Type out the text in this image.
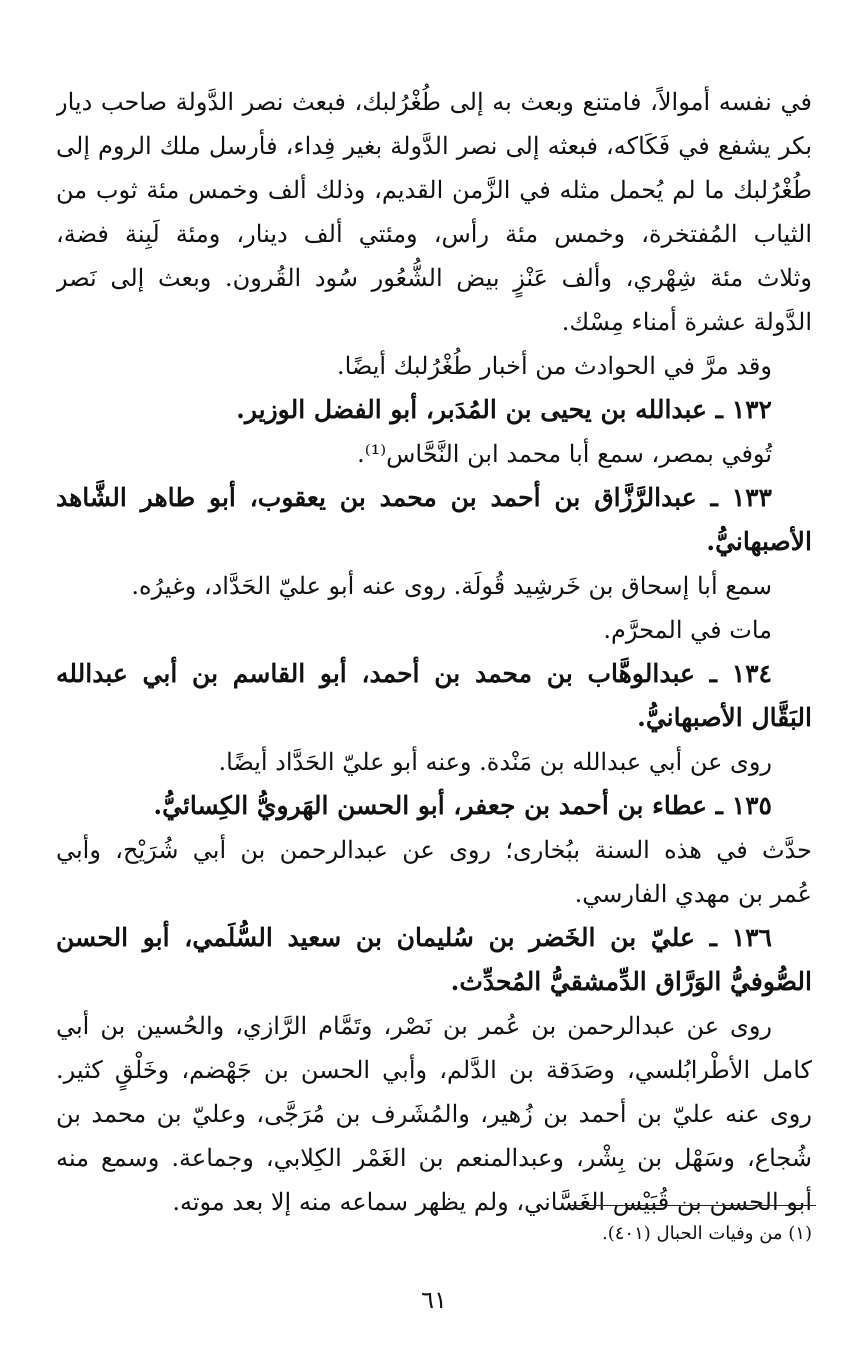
في نفسه أموالاً، فامتنع وبعث به إلى طُغْرُلبك، فبعث نصر الدَّولة صاحب ديار
بكر يشفع في فَكَاكه، فبعثه إلى نصر الدَّولة بغير فِداء، فأرسل ملك الروم إلى
طُغْرُلبك ما لم يُحمل مثله في الزَّمن القديم، وذلك ألف وخمس مئة ثوب من
الثياب المُفتخرة، وخمس مئة رأس، ومئتي ألف دينار، ومئة لَبِنة فضة،
وثلاث مئة شِهْري، وألف عَنْزٍ بيض الشُّعُور سُود القُرون. وبعث إلى نَصر
الدَّولة عشرة أمناء مِسْك.
وقد مرَّ في الحوادث من أخبار طُغْرُلبك أيضًا.
١٣٢ ـ عبدالله بن يحيى بن المُدَبر، أبو الفضل الوزير.
تُوفي بمصر، سمع أبا محمد ابن النَّحَّاس⁽¹⁾.
١٣٣ ـ عبدالرَّزَّاق بن أحمد بن محمد بن يعقوب، أبو طاهر الشَّاهد
الأصبهانيُّ.
سمع أبا إسحاق بن خَرشِيد قُولَة. روى عنه أبو عليّ الحَدَّاد، وغيرُه.
مات في المحرَّم.
١٣٤ ـ عبدالوهَّاب بن محمد بن أحمد، أبو القاسم بن أبي عبدالله
البَقَّال الأصبهانيُّ.
روى عن أبي عبدالله بن مَنْدة. وعنه أبو عليّ الحَدَّاد أيضًا.
١٣٥ ـ عطاء بن أحمد بن جعفر، أبو الحسن الهَرويُّ الكِسائيُّ.
حدَّث في هذه السنة ببُخارى؛ روى عن عبدالرحمن بن أبي شُرَيْح، وأبي
عُمر بن مهدي الفارسي.
١٣٦ ـ عليّ بن الخَضر بن سُليمان بن سعيد السُّلَمي، أبو الحسن
الصُّوفيُّ الوَرَّاق الدِّمشقيُّ المُحدِّث.
روى عن عبدالرحمن بن عُمر بن نَصْر، وتَمَّام الرَّازي، والحُسين بن أبي
كامل الأطْرابُلسي، وصَدَقة بن الدَّلم، وأبي الحسن بن جَهْضم، وخَلْقٍ كثير.
روى عنه عليّ بن أحمد بن زُهير، والمُشَرف بن مُرَجَّى، وعليّ بن محمد بن
شُجاع، وسَهْل بن بِشْر، وعبدالمنعم بن الغَمْر الكِلابي، وجماعة. وسمع منه
أبو الحسن بن قُبَيْس الغَسَّاني، ولم يظهر سماعه منه إلا بعد موته.
(١) من وفيات الحبال (٤٠١).
٦١
